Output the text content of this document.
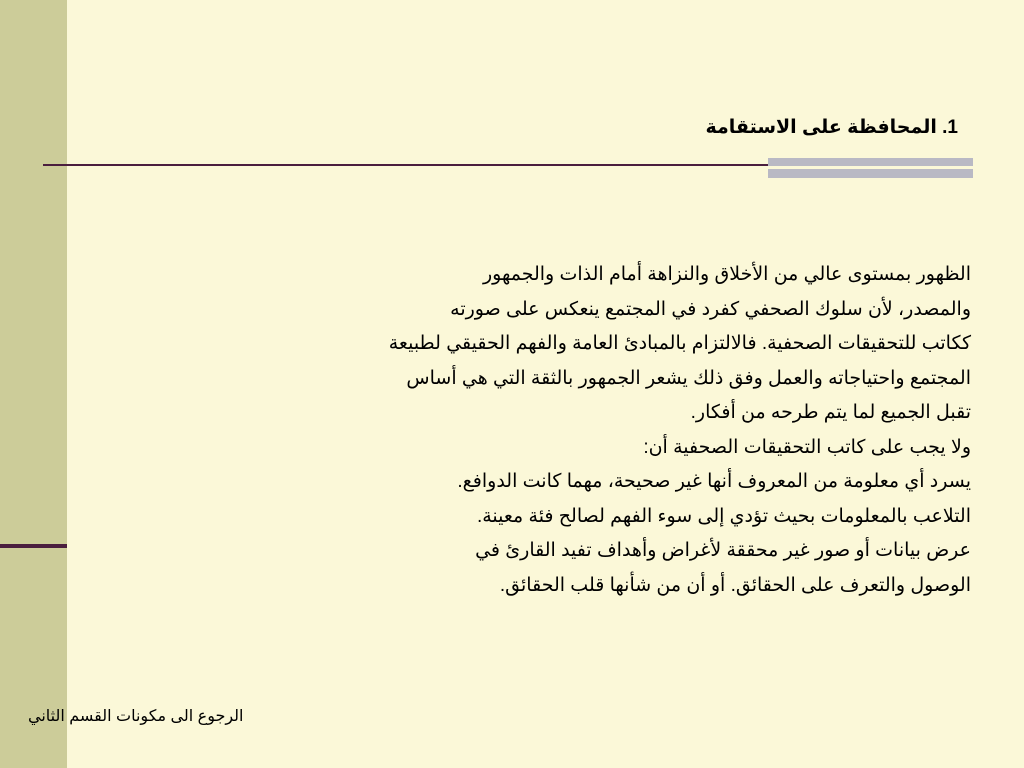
1. المحافظة على الاستقامة
الظهور بمستوى عالي من الأخلاق والنزاهة أمام الذات والجمهور
والمصدر، لأن سلوك الصحفي كفرد في المجتمع ينعكس على صورته
ككاتب للتحقيقات الصحفية. فالالتزام بالمبادئ العامة والفهم الحقيقي لطبيعة
المجتمع واحتياجاته والعمل وفق ذلك يشعر الجمهور بالثقة التي هي أساس
تقبل الجميع لما يتم طرحه من أفكار.
ولا يجب على كاتب التحقيقات الصحفية أن:
يسرد أي معلومة من المعروف أنها غير صحيحة، مهما كانت الدوافع.
التلاعب بالمعلومات بحيث تؤدي إلى سوء الفهم لصالح فئة معينة.
عرض بيانات أو صور غير محققة لأغراض وأهداف تفيد القارئ في
الوصول والتعرف على الحقائق. أو أن من شأنها قلب الحقائق.
الرجوع الى مكونات القسم الثاني
